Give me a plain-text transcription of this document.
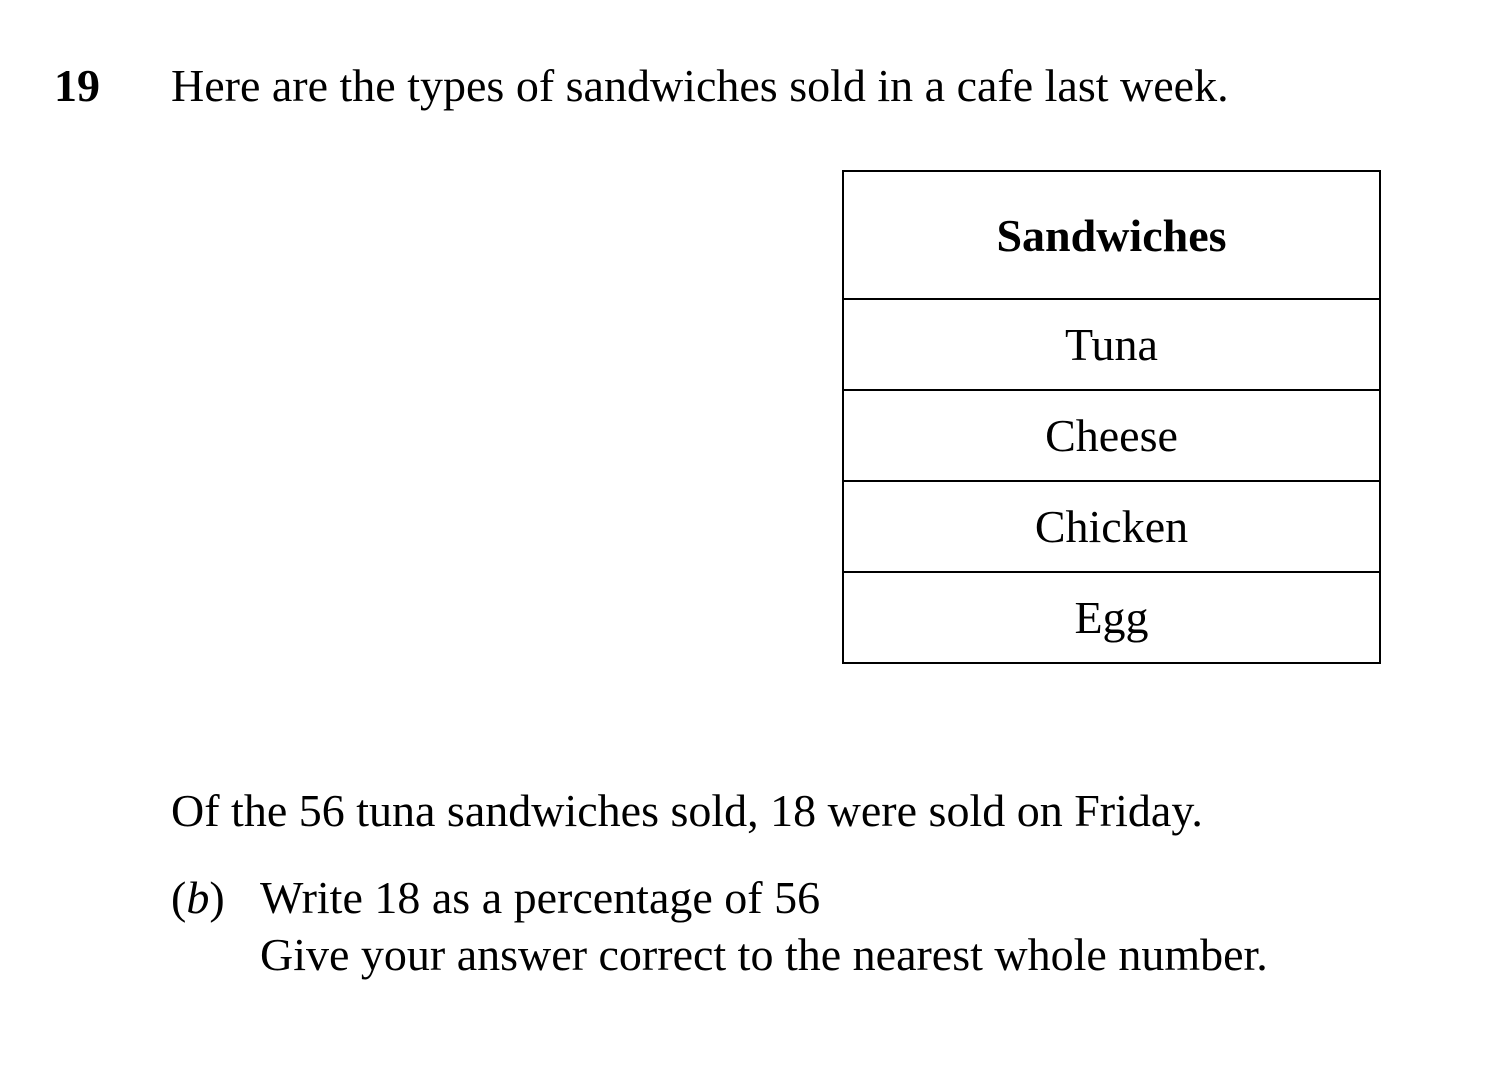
19 Here are the types of sandwiches sold in a cafe last week.
Sandwiches
Tuna
Cheese
Chicken
Egg
Of the 56 tuna sandwiches sold, 18 were sold on Friday.
(b) Write 18 as a percentage of 56
Give your answer correct to the nearest whole number.
